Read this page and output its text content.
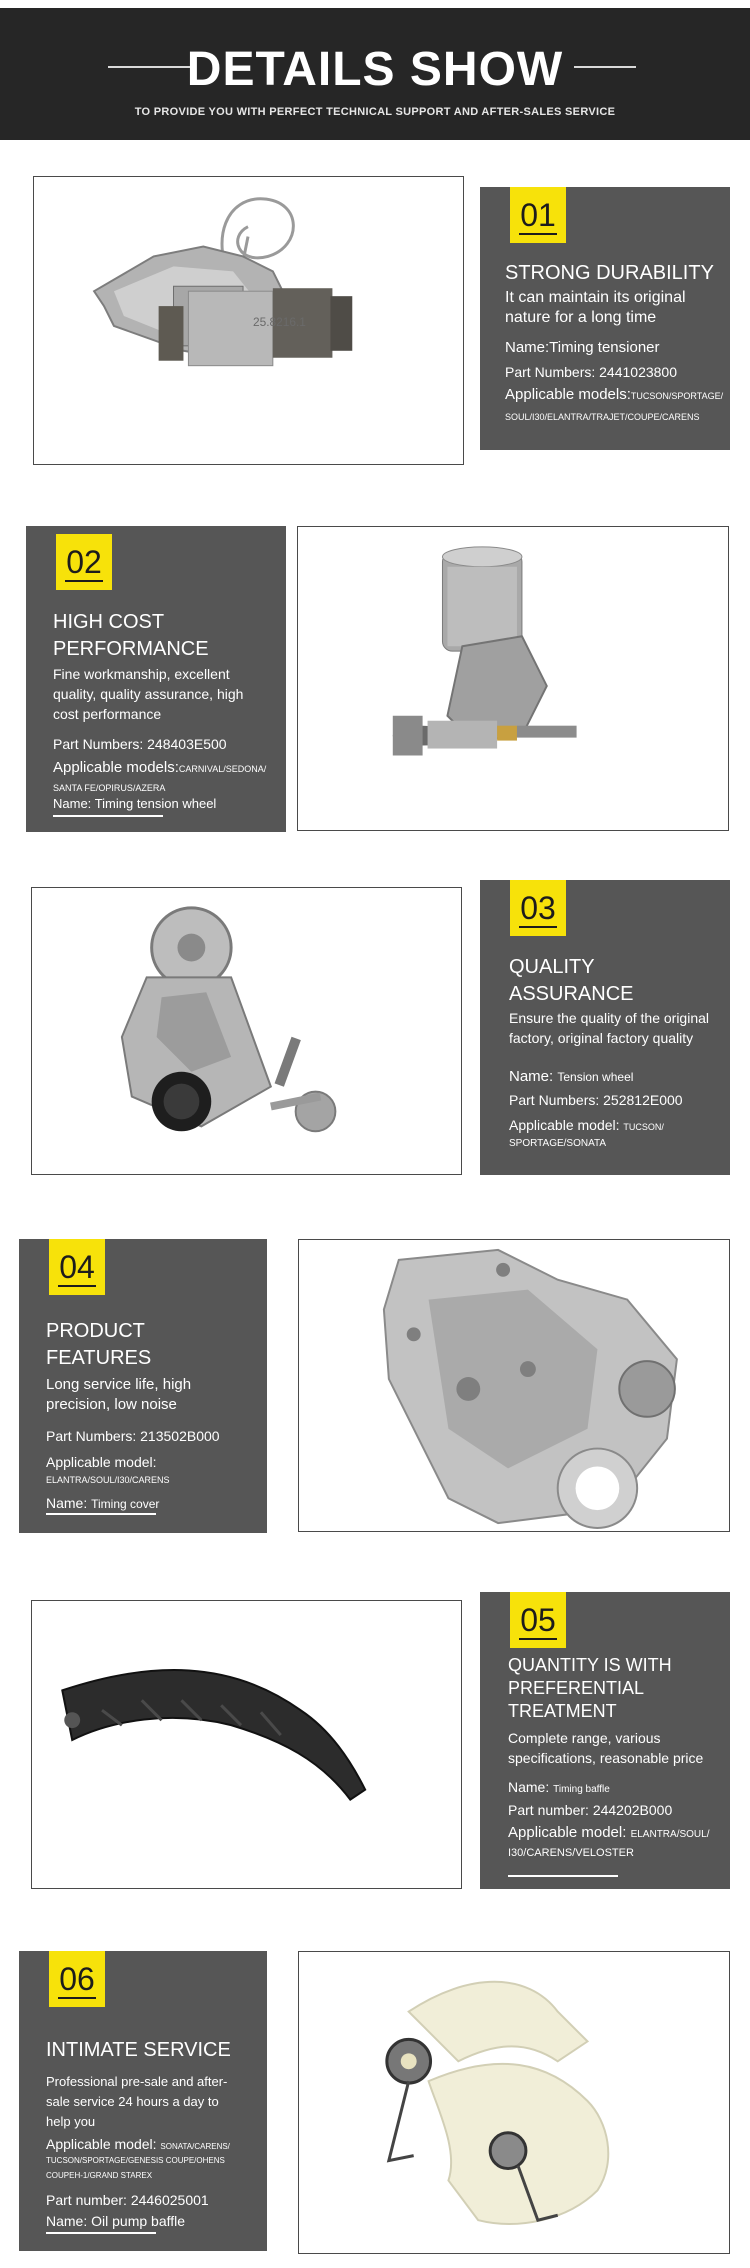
DETAILS SHOW
TO PROVIDE YOU WITH PERFECT TECHNICAL SUPPORT AND AFTER-SALES SERVICE
25.8216.1
01
STRONG DURABILITY
It can maintain its original nature for a long time
Name:Timing tensioner
Part Numbers: 2441023800
Applicable models:TUCSON/SPORTAGE/
SOUL/I30/ELANTRA/TRAJET/COUPE/CARENS
02
HIGH COST PERFORMANCE
Fine workmanship, excellent quality, quality assurance, high cost performance
Part Numbers: 248403E500
Applicable models:CARNIVAL/SEDONA/
SANTA FE/OPIRUS/AZERA
Name: Timing tension wheel
03
QUALITY ASSURANCE
Ensure the quality of the original factory, original factory quality
Name: Tension wheel
Part Numbers: 252812E000
Applicable model: TUCSON/
SPORTAGE/SONATA
04
PRODUCT FEATURES
Long service life, high precision, low noise
Part Numbers: 213502B000
Applicable model:
ELANTRA/SOUL/I30/CARENS
Name: Timing cover
05
QUANTITY IS WITH PREFERENTIAL TREATMENT
Complete range, various specifications, reasonable price
Name: Timing baffle
Part number: 244202B000
Applicable model: ELANTRA/SOUL/
I30/CARENS/VELOSTER
06
INTIMATE SERVICE
Professional pre-sale and after-sale service 24 hours a day to help you
Applicable model: SONATA/CARENS/
TUCSON/SPORTAGE/GENESIS COUPE/OHENS COUPEH-1/GRAND STAREX
Part number: 2446025001
Name: Oil pump baffle
